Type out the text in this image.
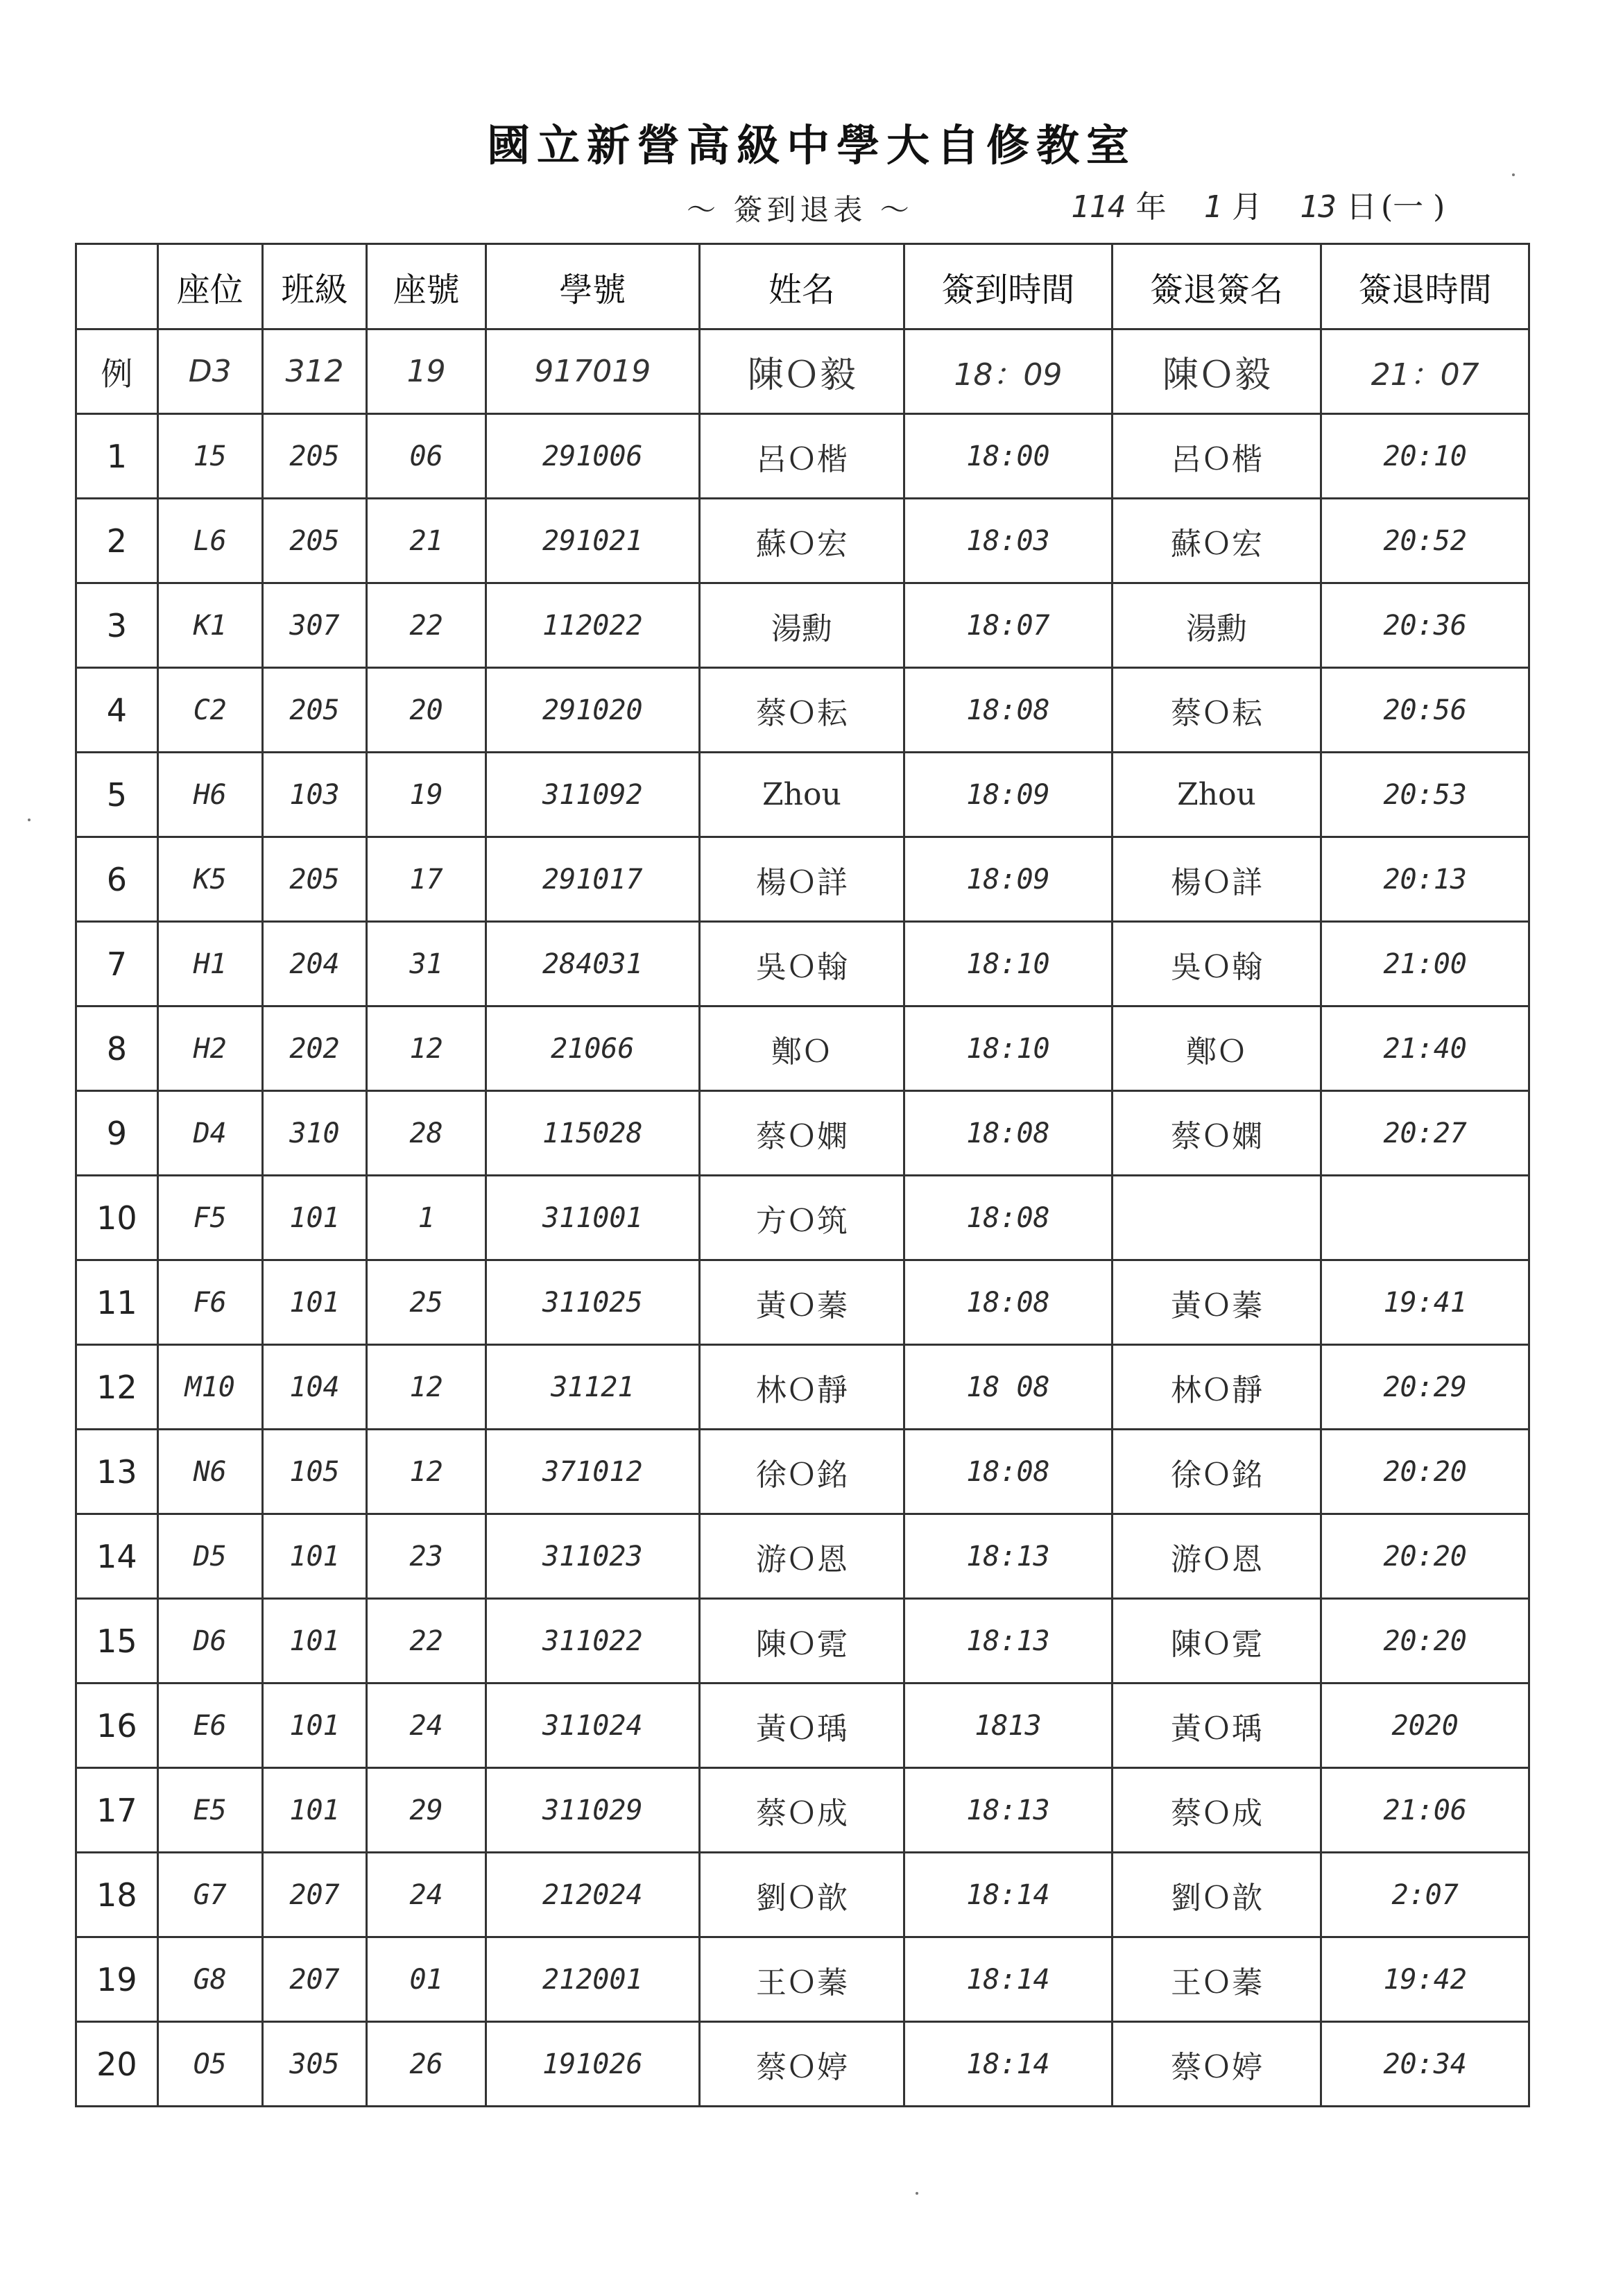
國立新營高級中學大自修教室
～ 簽到退表 ～	114 年 1 月 13 日 (一 )
	座位	班級	座號	學號	姓名	簽到時間	簽退簽名	簽退時間
例	D3	312	19	917019	陳Ｏ毅	18：09	陳Ｏ毅	21：07
1	15	205	06	291006	呂Ｏ楷	18:00	呂Ｏ楷	20:10
2	L6	205	21	291021	蘇Ｏ宏	18:03	蘇Ｏ宏	20:52
3	K1	307	22	112022	湯勳	18:07	湯勳	20:36
4	C2	205	20	291020	蔡Ｏ耘	18:08	蔡Ｏ耘	20:56
5	H6	103	19	311092	Zhou	18:09	Zhou	20:53
6	K5	205	17	291017	楊Ｏ詳	18:09	楊Ｏ詳	20:13
7	H1	204	31	284031	吳Ｏ翰	18:10	吳Ｏ翰	21:00
8	H2	202	12	21066	鄭Ｏ	18:10	鄭Ｏ	21:40
9	D4	310	28	115028	蔡Ｏ嫻	18:08	蔡Ｏ嫻	20:27
10	F5	101	1	311001	方Ｏ筑	18:08		
11	F6	101	25	311025	黃Ｏ蓁	18:08	黃Ｏ蓁	19:41
12	M10	104	12	31121	林Ｏ靜	18 08	林Ｏ靜	20:29
13	N6	105	12	371012	徐Ｏ銘	18:08	徐Ｏ銘	20:20
14	D5	101	23	311023	游Ｏ恩	18:13	游Ｏ恩	20:20
15	D6	101	22	311022	陳Ｏ霓	18:13	陳Ｏ霓	20:20
16	E6	101	24	311024	黃Ｏ瑀	1813	黃Ｏ瑀	2020
17	E5	101	29	311029	蔡Ｏ成	18:13	蔡Ｏ成	21:06
18	G7	207	24	212024	劉Ｏ歆	18:14	劉Ｏ歆	2:07
19	G8	207	01	212001	王Ｏ蓁	18:14	王Ｏ蓁	19:42
20	O5	305	26	191026	蔡Ｏ婷	18:14	蔡Ｏ婷	20:34
